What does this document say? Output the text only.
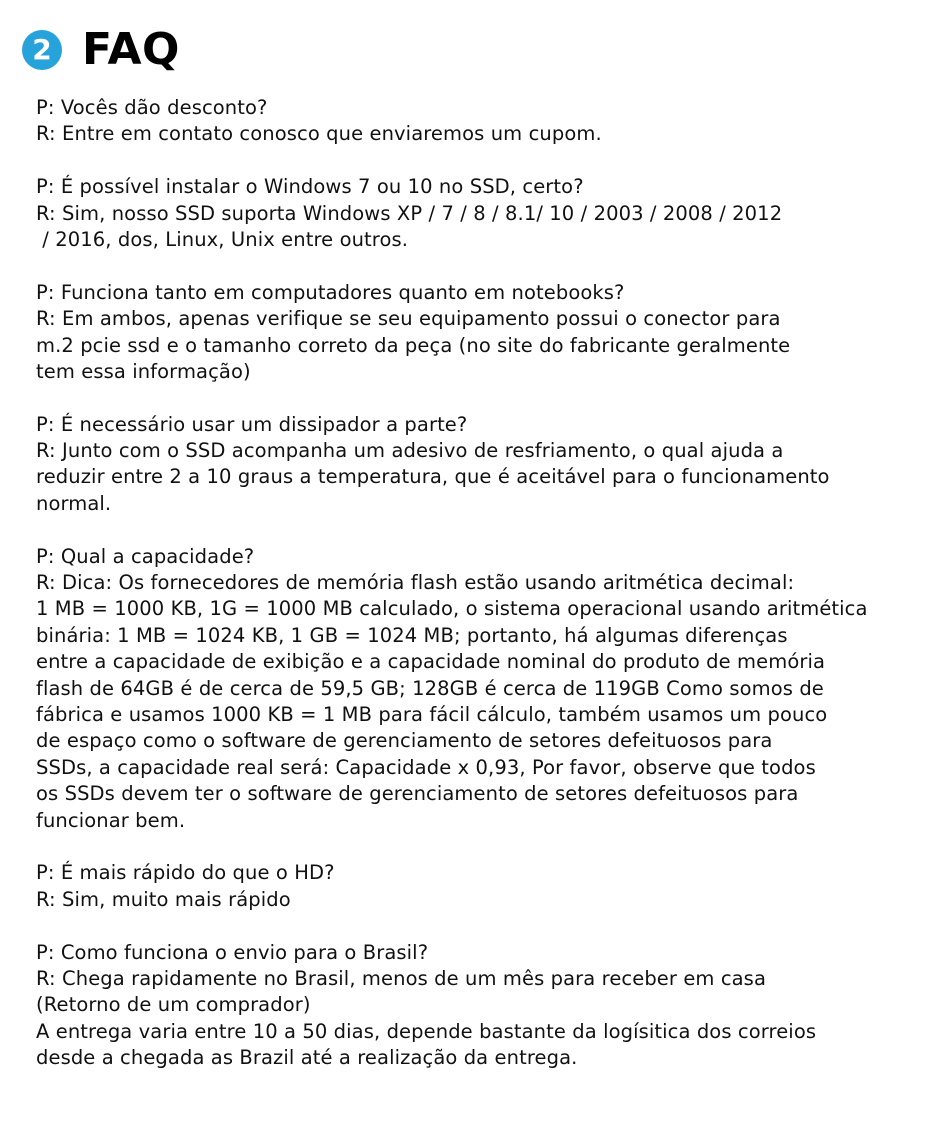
2 FAQ
P: Vocês dão desconto?
R: Entre em contato conosco que enviaremos um cupom.
P: É possível instalar o Windows 7 ou 10 no SSD, certo?
R: Sim, nosso SSD suporta Windows XP / 7 / 8 / 8.1/ 10 / 2003 / 2008 / 2012
/ 2016, dos, Linux, Unix entre outros.
P: Funciona tanto em computadores quanto em notebooks?
R: Em ambos, apenas verifique se seu equipamento possui o conector para
m.2 pcie ssd e o tamanho correto da peça (no site do fabricante geralmente
tem essa informação)
P: É necessário usar um dissipador a parte?
R: Junto com o SSD acompanha um adesivo de resfriamento, o qual ajuda a
reduzir entre 2 a 10 graus a temperatura, que é aceitável para o funcionamento
normal.
P: Qual a capacidade?
R: Dica: Os fornecedores de memória flash estão usando aritmética decimal:
1 MB = 1000 KB, 1G = 1000 MB calculado, o sistema operacional usando aritmética
binária: 1 MB = 1024 KB, 1 GB = 1024 MB; portanto, há algumas diferenças
entre a capacidade de exibição e a capacidade nominal do produto de memória
flash de 64GB é de cerca de 59,5 GB; 128GB é cerca de 119GB Como somos de
fábrica e usamos 1000 KB = 1 MB para fácil cálculo, também usamos um pouco
de espaço como o software de gerenciamento de setores defeituosos para
SSDs, a capacidade real será: Capacidade x 0,93, Por favor, observe que todos
os SSDs devem ter o software de gerenciamento de setores defeituosos para
funcionar bem.
P: É mais rápido do que o HD?
R: Sim, muito mais rápido
P: Como funciona o envio para o Brasil?
R: Chega rapidamente no Brasil, menos de um mês para receber em casa
(Retorno de um comprador)
A entrega varia entre 10 a 50 dias, depende bastante da logísitica dos correios
desde a chegada as Brazil até a realização da entrega.
